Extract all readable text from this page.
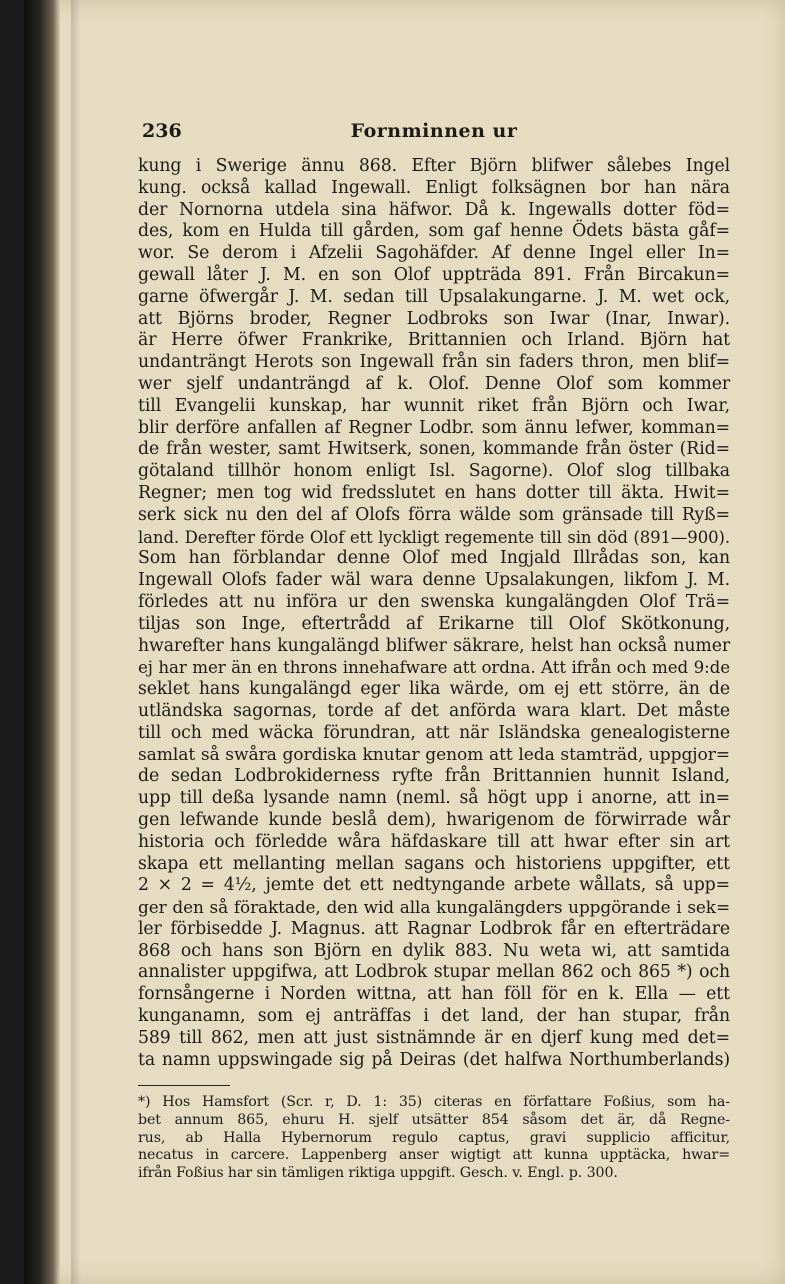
236	Fornminnen ur
kung i Swerige ännu 868. Efter Björn blifwer sålebes Ingel
kung. också kallad Ingewall. Enligt folksägnen bor han nära
der Nornorna utdela sina häfwor. Då k. Ingewalls dotter föd=
des, kom en Hulda till gården, som gaf henne Ödets bästa gåf=
wor. Se derom i Afzelii Sagohäfder. Af denne Ingel eller In=
gewall låter J. M. en son Olof uppträda 891. Från Bircakun=
garne öfwergår J. M. sedan till Upsalakungarne. J. M. wet ock,
att Björns broder, Regner Lodbroks son Iwar (Inar, Inwar).
är Herre öfwer Frankrike, Brittannien och Irland. Björn hat
undanträngt Herots son Ingewall från sin faders thron, men blif=
wer sjelf undanträngd af k. Olof. Denne Olof som kommer
till Evangelii kunskap, har wunnit riket från Björn och Iwar,
blir derföre anfallen af Regner Lodbr. som ännu lefwer, komman=
de från wester, samt Hwitserk, sonen, kommande från öster (Rid=
götaland tillhör honom enligt Isl. Sagorne). Olof slog tillbaka
Regner; men tog wid fredsslutet en hans dotter till äkta. Hwit=
serk sick nu den del af Olofs förra wälde som gränsade till Ryß=
land. Derefter förde Olof ett lyckligt regemente till sin död (891—900).
Som han förblandar denne Olof med Ingjald Illrådas son, kan
Ingewall Olofs fader wäl wara denne Upsalakungen, likfom J. M.
förledes att nu införa ur den swenska kungalängden Olof Trä=
tiljas son Inge, eftertrådd af Erikarne till Olof Skötkonung,
hwarefter hans kungalängd blifwer säkrare, helst han också numer
ej har mer än en throns innehafware att ordna. Att ifrån och med 9:de
seklet hans kungalängd eger lika wärde, om ej ett större, än de
utländska sagornas, torde af det anförda wara klart. Det måste
till och med wäcka förundran, att när Isländska genealogisterne
samlat så swåra gordiska knutar genom att leda stamträd, uppgjor=
de sedan Lodbrokiderness ryfte från Brittannien hunnit Island,
upp till deßa lysande namn (neml. så högt upp i anorne, att in=
gen lefwande kunde beslå dem), hwarigenom de förwirrade wår
historia och förledde wåra häfdaskare till att hwar efter sin art
skapa ett mellanting mellan sagans och historiens uppgifter, ett
2 × 2 = 4½, jemte det ett nedtyngande arbete wållats, så upp=
ger den så föraktade, den wid alla kungalängders uppgörande i sek=
ler förbisedde J. Magnus. att Ragnar Lodbrok får en efterträdare
868 och hans son Björn en dylik 883. Nu weta wi, att samtida
annalister uppgifwa, att Lodbrok stupar mellan 862 och 865 *) och
fornsångerne i Norden wittna, att han föll för en k. Ella — ett
kunganamn, som ej anträffas i det land, der han stupar, från
589 till 862, men att just sistnämnde är en djerf kung med det=
ta namn uppswingade sig på Deiras (det halfwa Northumberlands)
*) Hos Hamsfort (Scr. r, D. 1: 35) citeras en författare Foßius, som ha-
bet annum 865, ehuru H. sjelf utsätter 854 såsom det är, då Regne-
rus, ab Halla Hybernorum regulo captus, gravi supplicio afficitur,
necatus in carcere. Lappenberg anser wigtigt att kunna upptäcka, hwar=
ifrån Foßius har sin tämligen riktiga uppgift. Gesch. v. Engl. p. 300.
